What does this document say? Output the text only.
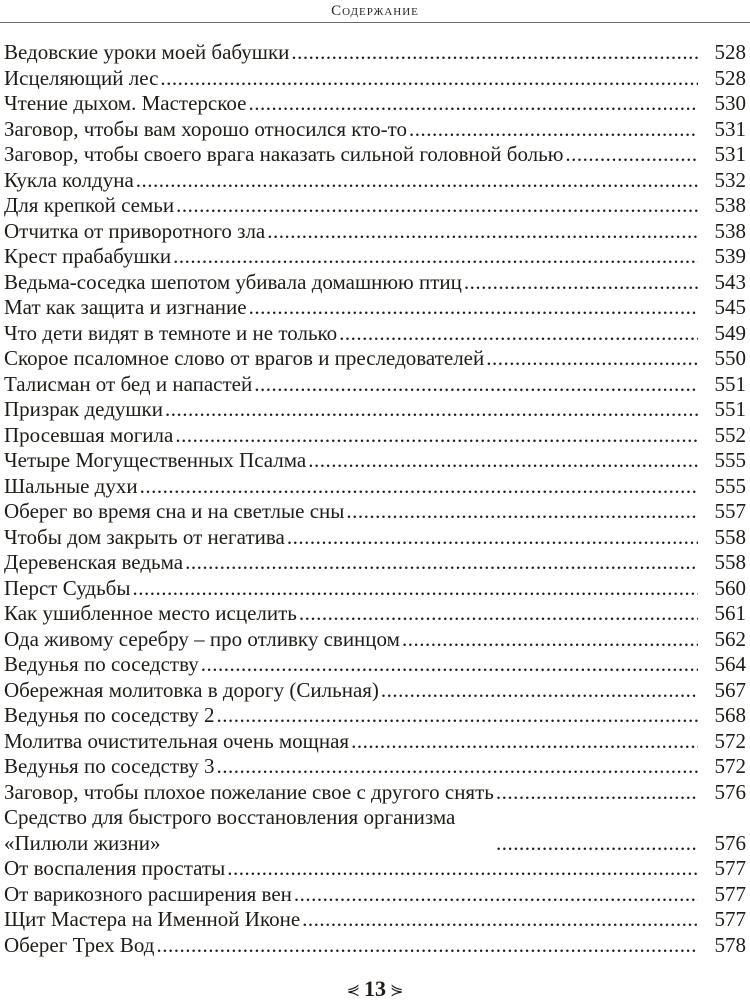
Содержание
Ведовские уроки моей бабушки .....	528
Исцеляющий лес .....	528
Чтение дыхом. Мастерское .....	530
Заговор, чтобы вам хорошо относился кто-то .....	531
Заговор, чтобы своего врага наказать сильной головной болью .....	531
Кукла колдуна .....	532
Для крепкой семьи .....	538
Отчитка от приворотного зла .....	538
Крест прабабушки .....	539
Ведьма-соседка шепотом убивала домашнюю птиц .....	543
Мат как защита и изгнание .....	545
Что дети видят в темноте и не только .....	549
Скорое псаломное слово от врагов и преследователей .....	550
Талисман от бед и напастей .....	551
Призрак дедушки .....	551
Просевшая могила .....	552
Четыре Могущественных Псалма .....	555
Шальные духи .....	555
Оберег во время сна и на светлые сны .....	557
Чтобы дом закрыть от негатива .....	558
Деревенская ведьма .....	558
Перст Судьбы .....	560
Как ушибленное место исцелить .....	561
Ода живому серебру – про отливку свинцом .....	562
Ведунья по соседству .....	564
Обережная молитовка в дорогу (Сильная) .....	567
Ведунья по соседству 2 .....	568
Молитва очистительная очень мощная .....	572
Ведунья по соседству 3 .....	572
Заговор, чтобы плохое пожелание свое с другого снять .....	576
Средство для быстрого восстановления организма «Пилюли жизни» .....	576
От воспаления простаты .....	577
От варикозного расширения вен .....	577
Щит Мастера на Именной Иконе .....	577
Оберег Трех Вод .....	578
⋞ 13 ⋟
